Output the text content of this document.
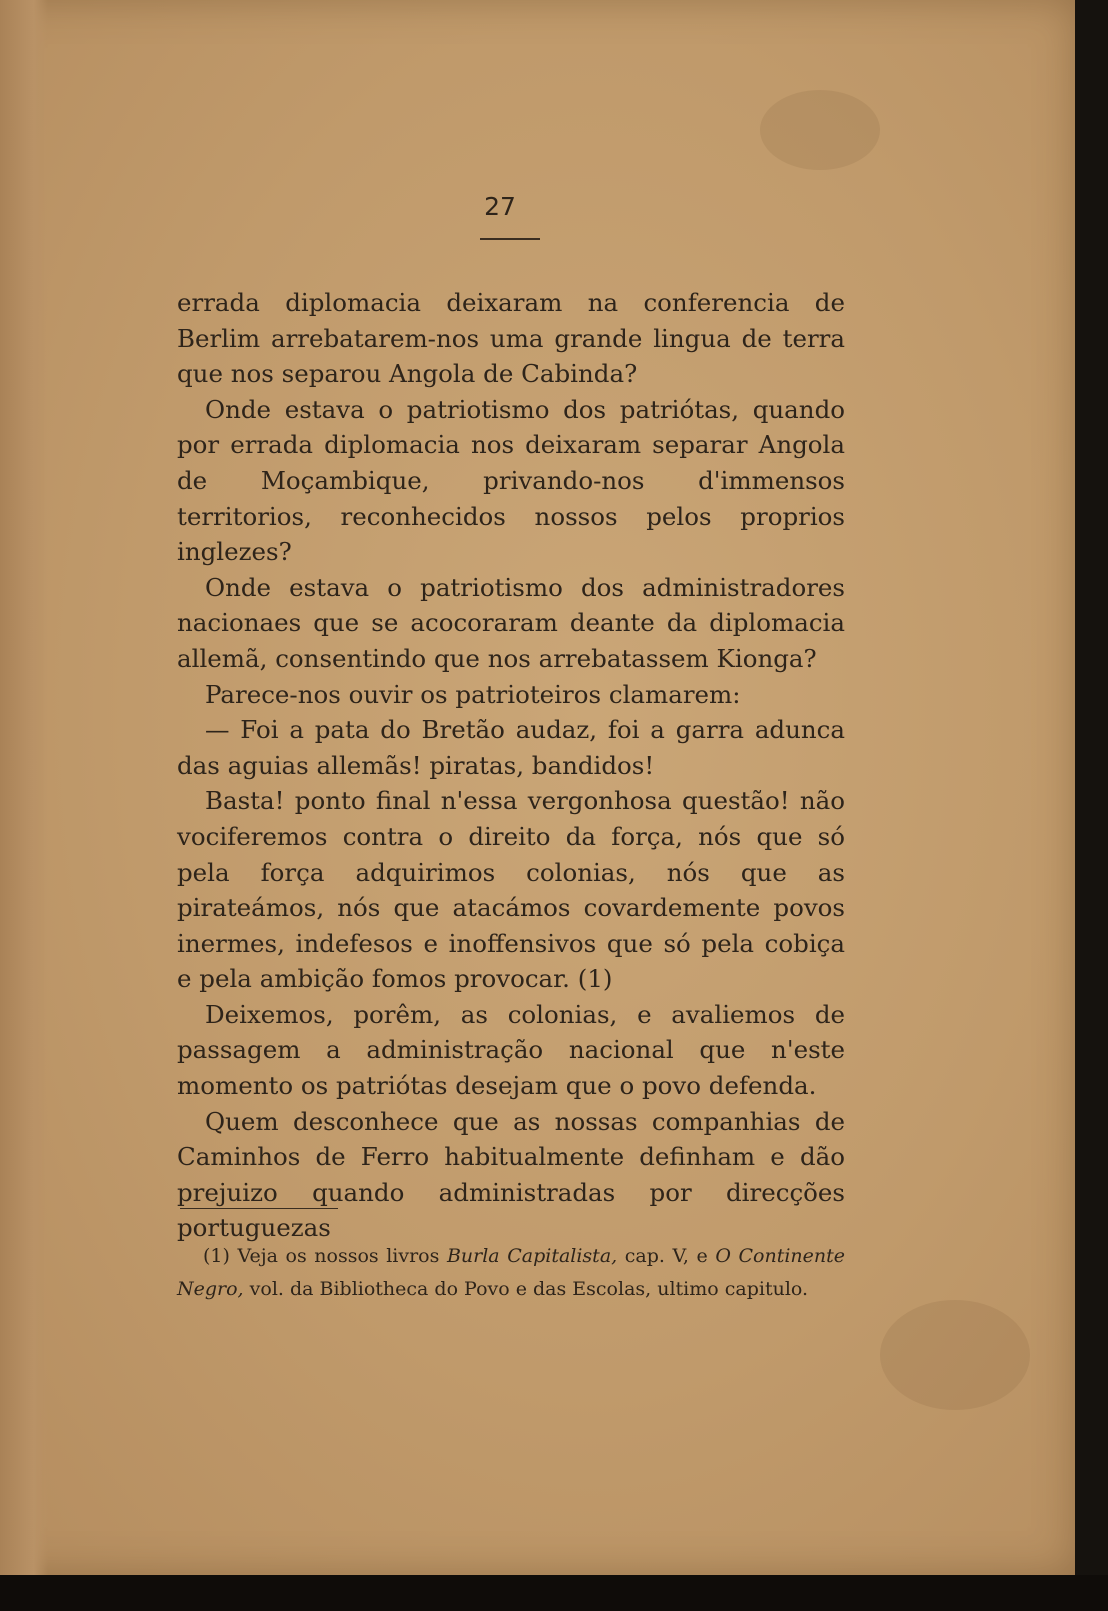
27

errada diplomacia deixaram na conferencia de Berlim arrebatarem-nos uma grande lingua de terra que nos separou Angola de Cabinda?

Onde estava o patriotismo dos patriótas, quando por errada diplomacia nos deixaram separar Angola de Moçambique, privando-nos d'immensos territorios, reconhecidos nossos pelos proprios inglezes?

Onde estava o patriotismo dos administradores nacionaes que se acocoraram deante da diplomacia allemã, consentindo que nos arrebatassem Kionga?

Parece-nos ouvir os patrioteiros clamarem:

— Foi a pata do Bretão audaz, foi a garra adunca das aguias allemãs! piratas, bandidos!

Basta! ponto final n'essa vergonhosa questão! não vociferemos contra o direito da força, nós que só pela força adquirimos colonias, nós que as pirateámos, nós que atacámos covardemente povos inermes, indefesos e inoffensivos que só pela cobiça e pela ambição fomos provocar. (1)

Deixemos, porêm, as colonias, e avaliemos de passagem a administração nacional que n'este momento os patriótas desejam que o povo defenda.

Quem desconhece que as nossas companhias de Caminhos de Ferro habitualmente definham e dão prejuizo quando administradas por direcções portuguezas

(1) Veja os nossos livros Burla Capitalista, cap. V, e O Continente Negro, vol. da Bibliotheca do Povo e das Escolas, ultimo capitulo.
